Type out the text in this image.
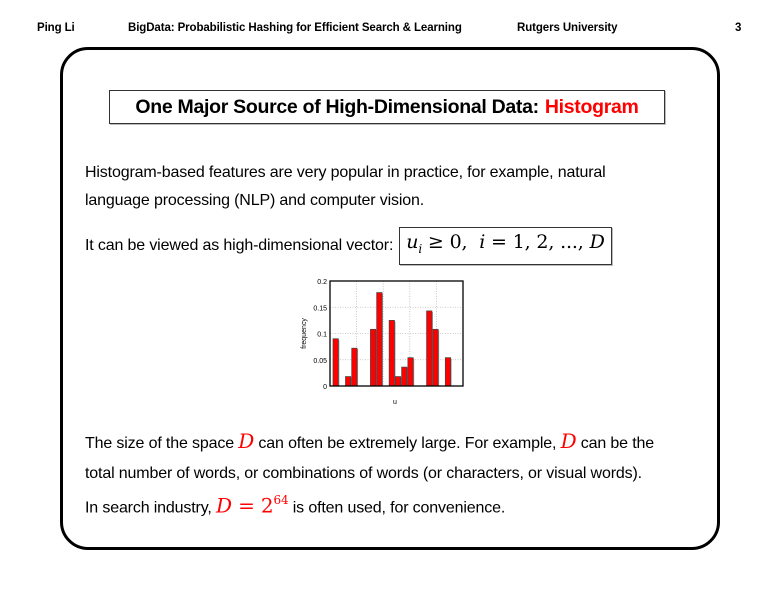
Ping Li	BigData: Probabilistic Hashing for Efficient Search & Learning	Rutgers University	3
One Major Source of High-Dimensional Data: Histogram
Histogram-based features are very popular in practice, for example, natural
language processing (NLP) and computer vision.
It can be viewed as high-dimensional vector: $u_i \ge 0$,  i = 1, 2, ..., D
0
0.05
0.1
0.15
0.2
u
frequency
The size of the space D can often be extremely large. For example, D can be the
total number of words, or combinations of words (or characters, or visual words).
In search industry, $D = 2^{64}$ is often used, for convenience.
